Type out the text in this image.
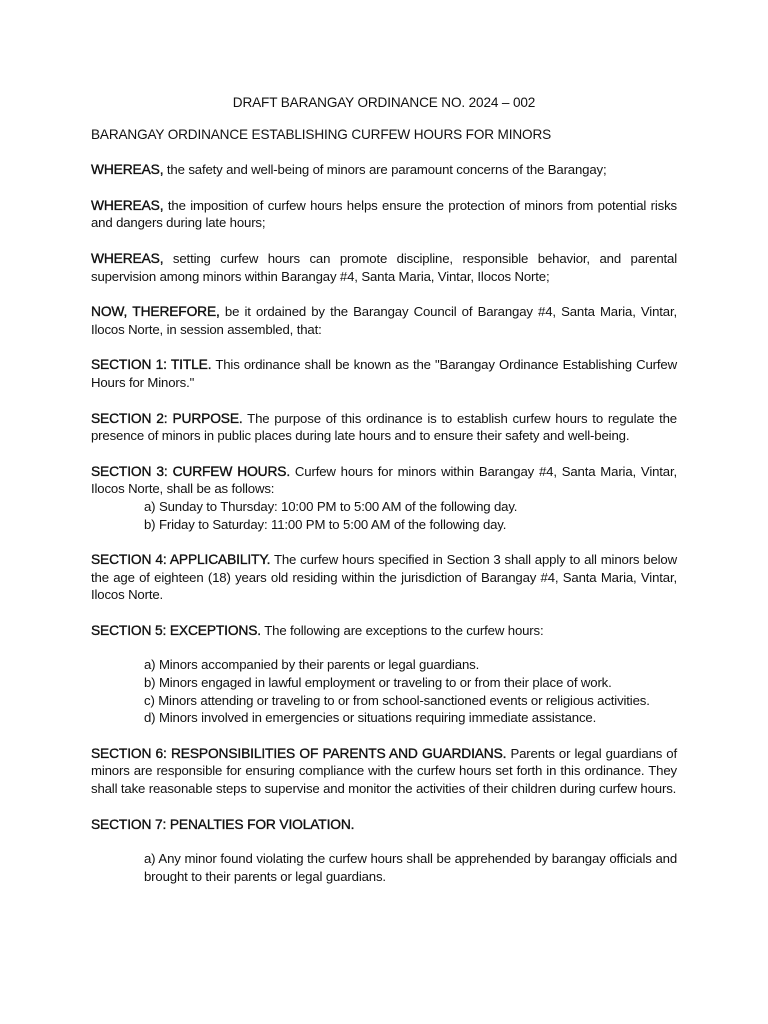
DRAFT BARANGAY ORDINANCE NO. 2024 – 002
BARANGAY ORDINANCE ESTABLISHING CURFEW HOURS FOR MINORS

WHEREAS, the safety and well-being of minors are paramount concerns of the Barangay;

WHEREAS, the imposition of curfew hours helps ensure the protection of minors from potential risks and dangers during late hours;

WHEREAS, setting curfew hours can promote discipline, responsible behavior, and parental supervision among minors within Barangay #4, Santa Maria, Vintar, Ilocos Norte;

NOW, THEREFORE, be it ordained by the Barangay Council of Barangay #4, Santa Maria, Vintar, Ilocos Norte, in session assembled, that:

SECTION 1: TITLE. This ordinance shall be known as the "Barangay Ordinance Establishing Curfew Hours for Minors."

SECTION 2: PURPOSE. The purpose of this ordinance is to establish curfew hours to regulate the presence of minors in public places during late hours and to ensure their safety and well-being.

SECTION 3: CURFEW HOURS. Curfew hours for minors within Barangay #4, Santa Maria, Vintar, Ilocos Norte, shall be as follows:

a) Sunday to Thursday: 10:00 PM to 5:00 AM of the following day.
b) Friday to Saturday: 11:00 PM to 5:00 AM of the following day.

SECTION 4: APPLICABILITY. The curfew hours specified in Section 3 shall apply to all minors below the age of eighteen (18) years old residing within the jurisdiction of Barangay #4, Santa Maria, Vintar, Ilocos Norte.

SECTION 5: EXCEPTIONS. The following are exceptions to the curfew hours:

a) Minors accompanied by their parents or legal guardians.
b) Minors engaged in lawful employment or traveling to or from their place of work.
c) Minors attending or traveling to or from school-sanctioned events or religious activities.
d) Minors involved in emergencies or situations requiring immediate assistance.

SECTION 6: RESPONSIBILITIES OF PARENTS AND GUARDIANS. Parents or legal guardians of minors are responsible for ensuring compliance with the curfew hours set forth in this ordinance. They shall take reasonable steps to supervise and monitor the activities of their children during curfew hours.

SECTION 7: PENALTIES FOR VIOLATION.

a) Any minor found violating the curfew hours shall be apprehended by barangay officials and brought to their parents or legal guardians.
